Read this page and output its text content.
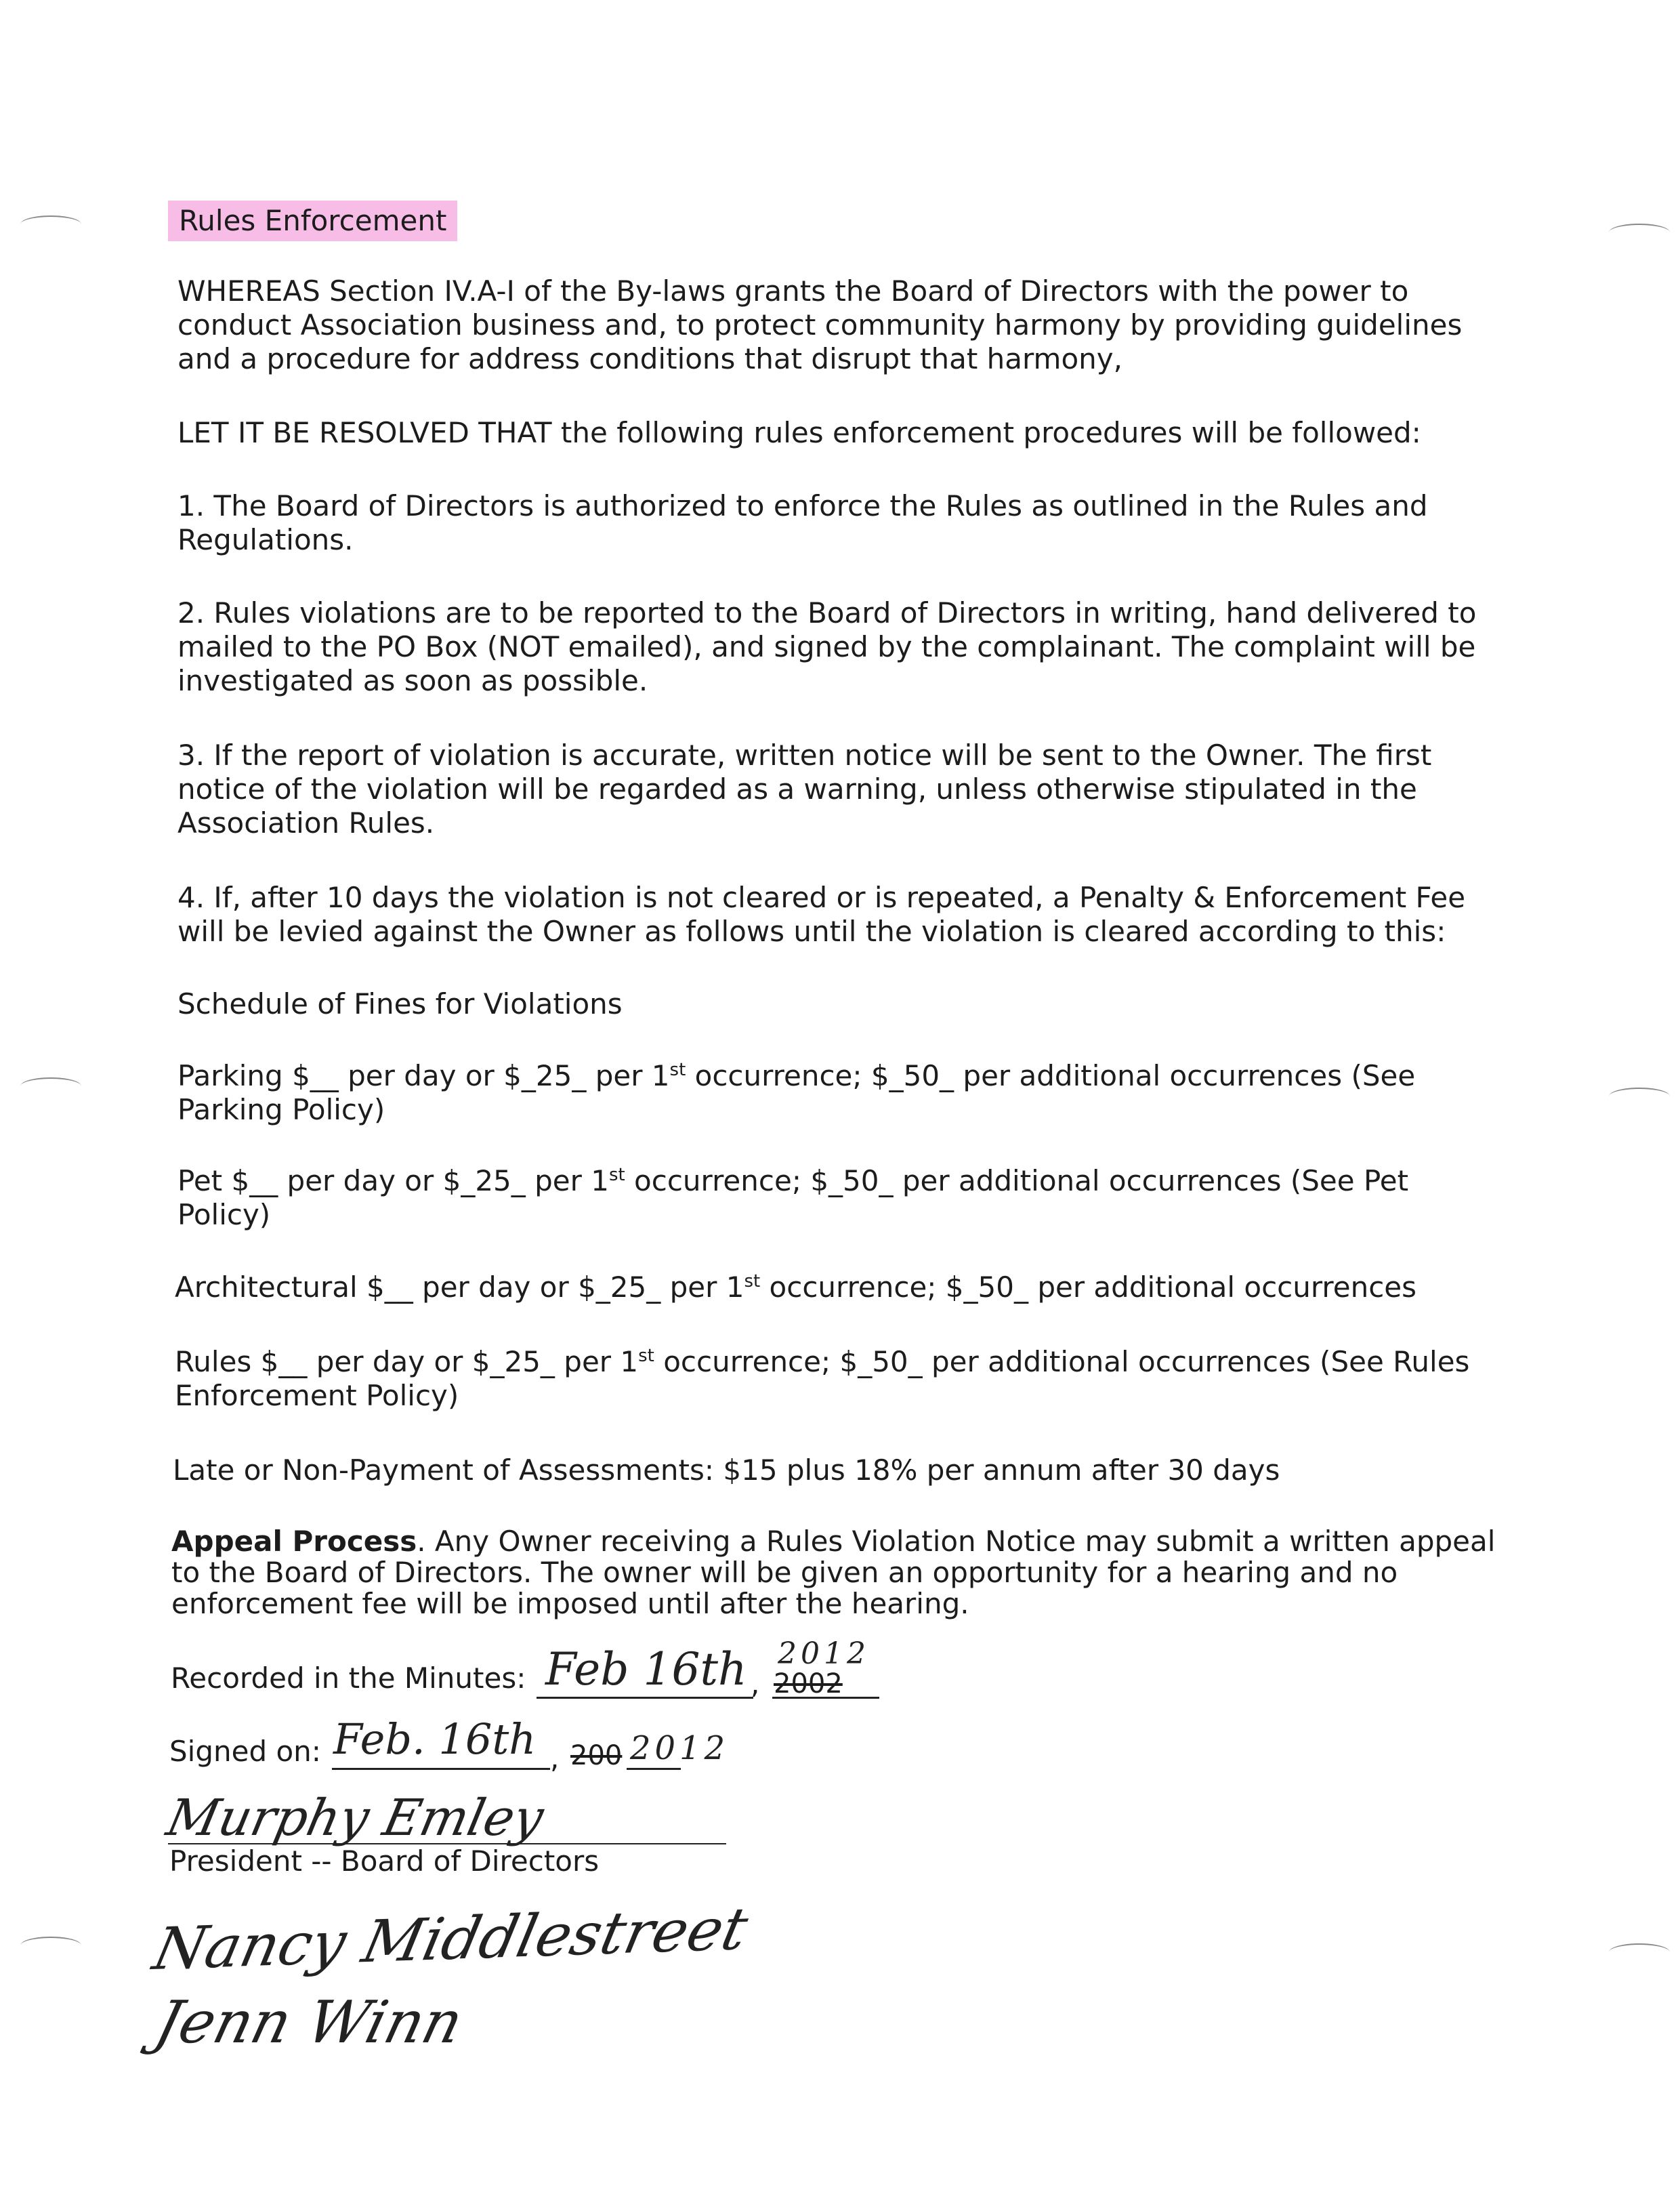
Rules Enforcement
WHEREAS Section IV.A-I of the By-laws grants the Board of Directors with the power to conduct Association business and, to protect community harmony by providing guidelines and a procedure for address conditions that disrupt that harmony,
LET IT BE RESOLVED THAT the following rules enforcement procedures will be followed:
1. The Board of Directors is authorized to enforce the Rules as outlined in the Rules and Regulations.
2. Rules violations are to be reported to the Board of Directors in writing, hand delivered to mailed to the PO Box (NOT emailed), and signed by the complainant. The complaint will be investigated as soon as possible.
3. If the report of violation is accurate, written notice will be sent to the Owner. The first notice of the violation will be regarded as a warning, unless otherwise stipulated in the Association Rules.
4. If, after 10 days the violation is not cleared or is repeated, a Penalty & Enforcement Fee will be levied against the Owner as follows until the violation is cleared according to this:
Schedule of Fines for Violations
Parking $__ per day or $_25_ per 1st occurrence; $_50_ per additional occurrences (See Parking Policy)
Pet $__ per day or $_25_ per 1st occurrence; $_50_ per additional occurrences (See Pet Policy)
Architectural $__ per day or $_25_ per 1st occurrence; $_50_ per additional occurrences
Rules $__ per day or $_25_ per 1st occurrence; $_50_ per additional occurrences (See Rules Enforcement Policy)
Late or Non-Payment of Assessments: $15 plus 18% per annum after 30 days
Appeal Process. Any Owner receiving a Rules Violation Notice may submit a written appeal to the Board of Directors. The owner will be given an opportunity for a hearing and no enforcement fee will be imposed until after the hearing.
Recorded in the Minutes: Feb 16th , 2002
2012
Signed on: Feb. 16th , 200 2012
Murphy Emley
President -- Board of Directors
Nancy Middlestreet
Jenn Winn
